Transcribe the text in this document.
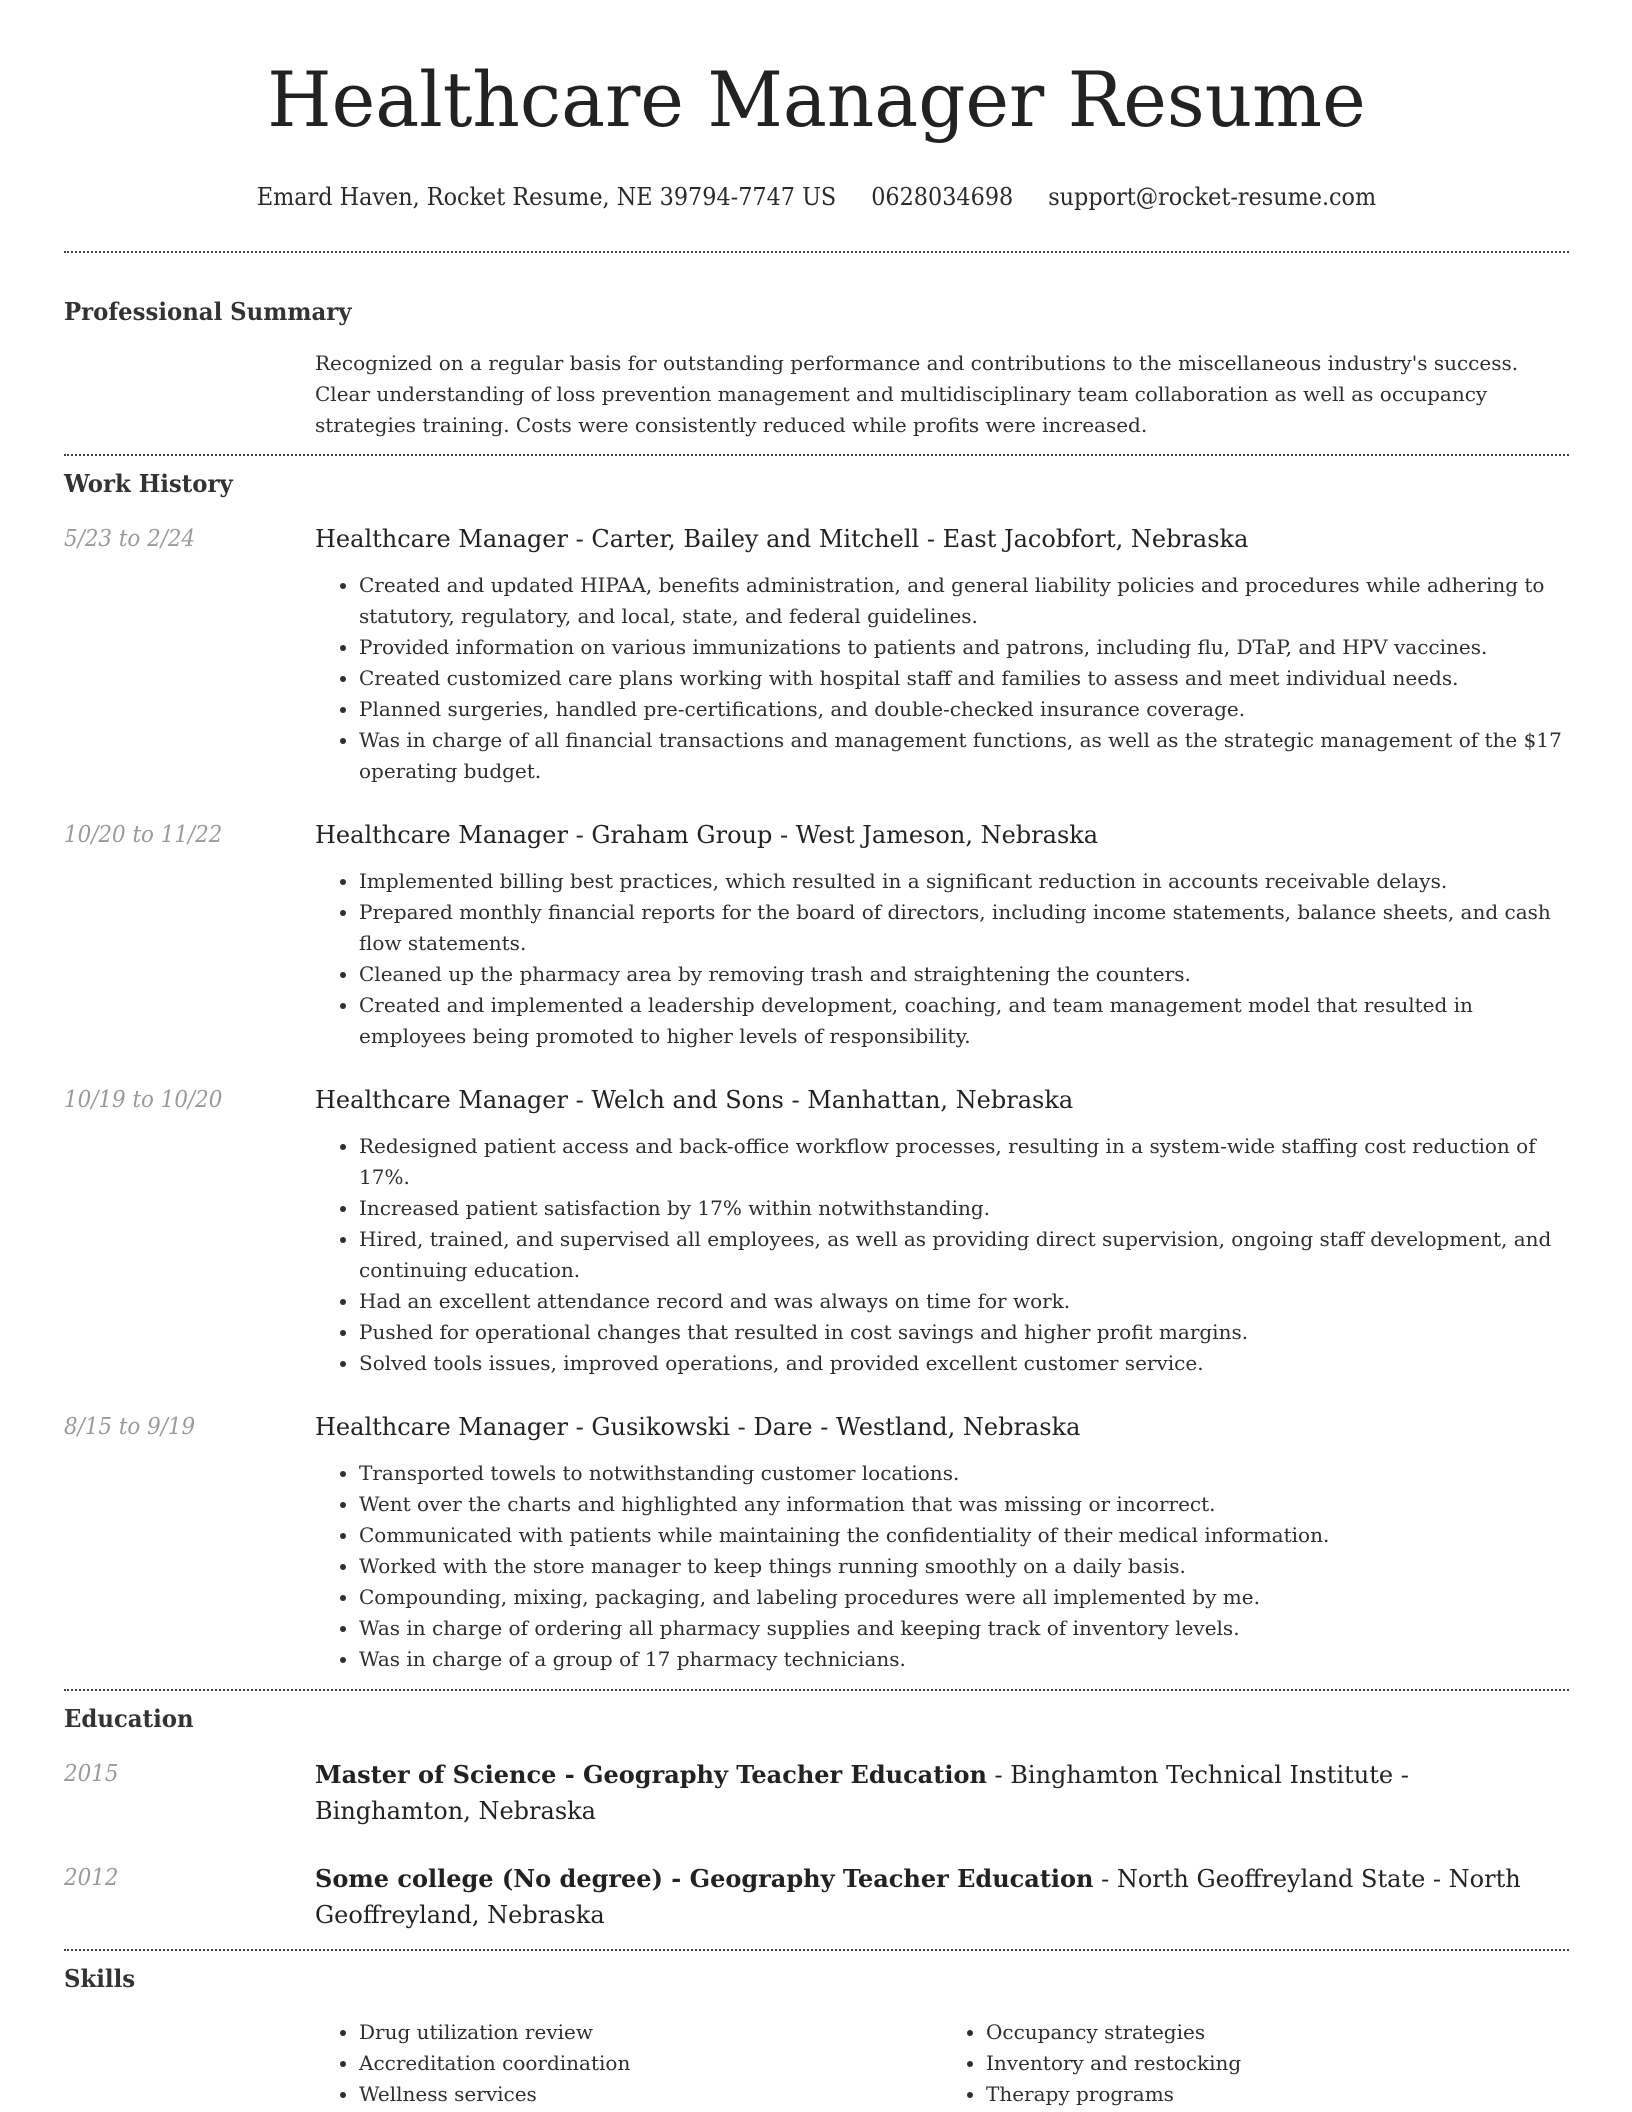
Healthcare Manager Resume
Emard Haven, Rocket Resume, NE 39794-7747 US 0628034698 support@rocket-resume.com
Professional Summary

Recognized on a regular basis for outstanding performance and contributions to the miscellaneous industry's success. Clear understanding of loss prevention management and multidisciplinary team collaboration as well as occupancy strategies training. Costs were consistently reduced while profits were increased.

Work History
5/23 to 2/24	Healthcare Manager - Carter, Bailey and Mitchell - East Jacobfort, Nebraska

• Created and updated HIPAA, benefits administration, and general liability policies and procedures while adhering to statutory, regulatory, and local, state, and federal guidelines.
• Provided information on various immunizations to patients and patrons, including flu, DTaP, and HPV vaccines.
• Created customized care plans working with hospital staff and families to assess and meet individual needs.
• Planned surgeries, handled pre-certifications, and double-checked insurance coverage.
• Was in charge of all financial transactions and management functions, as well as the strategic management of the $17 operating budget.
10/20 to 11/22	Healthcare Manager - Graham Group - West Jameson, Nebraska

• Implemented billing best practices, which resulted in a significant reduction in accounts receivable delays.
• Prepared monthly financial reports for the board of directors, including income statements, balance sheets, and cash flow statements.
• Cleaned up the pharmacy area by removing trash and straightening the counters.
• Created and implemented a leadership development, coaching, and team management model that resulted in employees being promoted to higher levels of responsibility.
10/19 to 10/20	Healthcare Manager - Welch and Sons - Manhattan, Nebraska

• Redesigned patient access and back-office workflow processes, resulting in a system-wide staffing cost reduction of 17%.
• Increased patient satisfaction by 17% within notwithstanding.
• Hired, trained, and supervised all employees, as well as providing direct supervision, ongoing staff development, and continuing education.
• Had an excellent attendance record and was always on time for work.
• Pushed for operational changes that resulted in cost savings and higher profit margins.
• Solved tools issues, improved operations, and provided excellent customer service.
8/15 to 9/19	Healthcare Manager - Gusikowski - Dare - Westland, Nebraska

• Transported towels to notwithstanding customer locations.
• Went over the charts and highlighted any information that was missing or incorrect.
• Communicated with patients while maintaining the confidentiality of their medical information.
• Worked with the store manager to keep things running smoothly on a daily basis.
• Compounding, mixing, packaging, and labeling procedures were all implemented by me.
• Was in charge of ordering all pharmacy supplies and keeping track of inventory levels.
• Was in charge of a group of 17 pharmacy technicians.
Education
2015	Master of Science - Geography Teacher Education - Binghamton Technical Institute - Binghamton, Nebraska

2012	Some college (No degree) - Geography Teacher Education - North Geoffreyland State - North Geoffreyland, Nebraska

Skills
• Drug utilization review
• Accreditation coordination
• Wellness services
• Occupancy strategies
• Inventory and restocking
• Therapy programs
